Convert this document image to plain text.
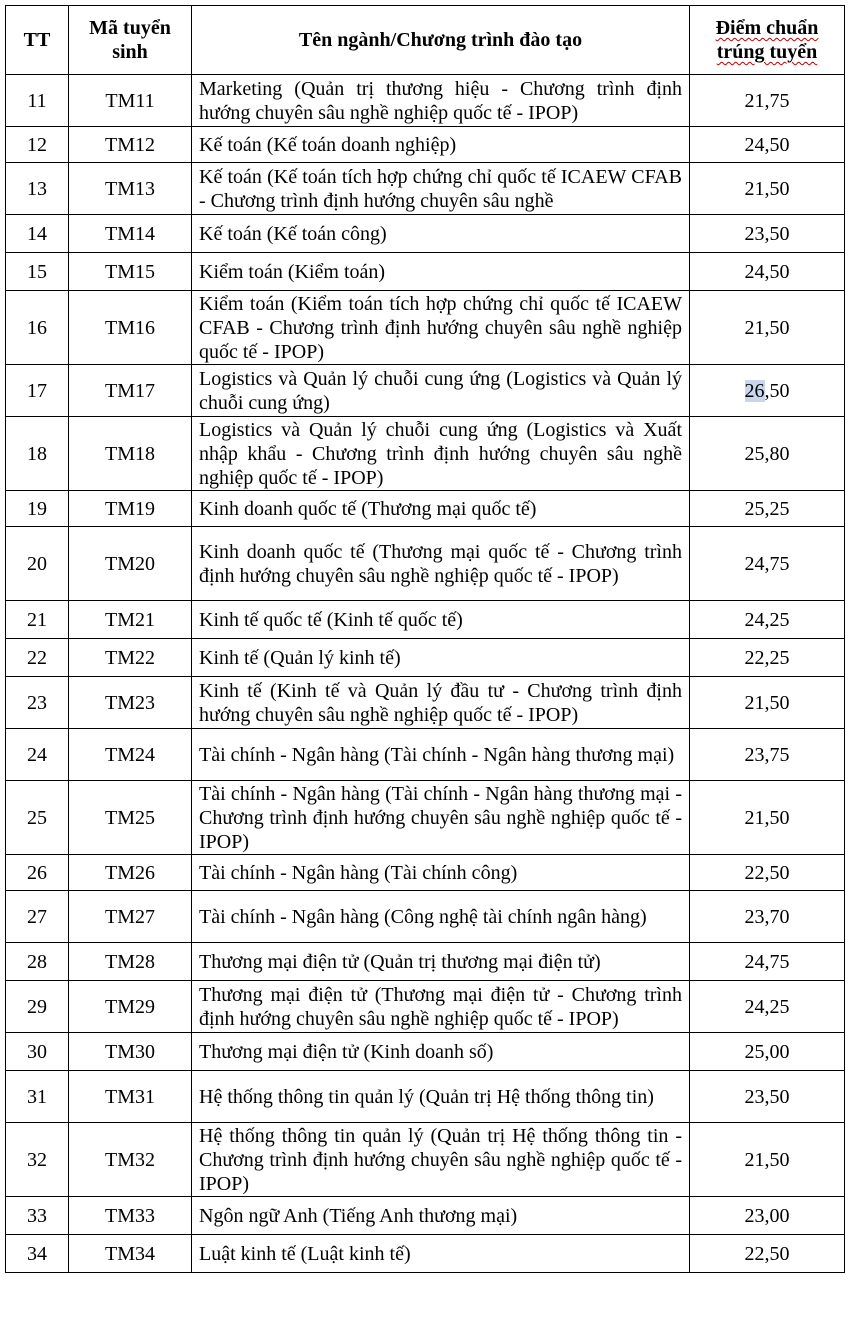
TT	Mã tuyển sinh	Tên ngành/Chương trình đào tạo	Điểm chuẩn
trúng tuyển
11	TM11	Marketing (Quản trị thương hiệu - Chương trình định hướng chuyên sâu nghề nghiệp quốc tế - IPOP)	21,75
12	TM12	Kế toán (Kế toán doanh nghiệp)	24,50
13	TM13	Kế toán (Kế toán tích hợp chứng chỉ quốc tế ICAEW CFAB - Chương trình định hướng chuyên sâu nghề	21,50
14	TM14	Kế toán (Kế toán công)	23,50
15	TM15	Kiểm toán (Kiểm toán)	24,50
16	TM16	Kiểm toán (Kiểm toán tích hợp chứng chỉ quốc tế ICAEW CFAB - Chương trình định hướng chuyên sâu nghề nghiệp quốc tế - IPOP)	21,50
17	TM17	Logistics và Quản lý chuỗi cung ứng (Logistics và Quản lý chuỗi cung ứng)	26,50
18	TM18	Logistics và Quản lý chuỗi cung ứng (Logistics và Xuất nhập khẩu - Chương trình định hướng chuyên sâu nghề nghiệp quốc tế - IPOP)	25,80
19	TM19	Kinh doanh quốc tế (Thương mại quốc tế)	25,25
20	TM20	Kinh doanh quốc tế (Thương mại quốc tế - Chương trình định hướng chuyên sâu nghề nghiệp quốc tế - IPOP)	24,75
21	TM21	Kinh tế quốc tế (Kinh tế quốc tế)	24,25
22	TM22	Kinh tế (Quản lý kinh tế)	22,25
23	TM23	Kinh tế (Kinh tế và Quản lý đầu tư - Chương trình định hướng chuyên sâu nghề nghiệp quốc tế - IPOP)	21,50
24	TM24	Tài chính - Ngân hàng (Tài chính - Ngân hàng thương mại)	23,75
25	TM25	Tài chính - Ngân hàng (Tài chính - Ngân hàng thương mại - Chương trình định hướng chuyên sâu nghề nghiệp quốc tế - IPOP)	21,50
26	TM26	Tài chính - Ngân hàng (Tài chính công)	22,50
27	TM27	Tài chính - Ngân hàng (Công nghệ tài chính ngân hàng)	23,70
28	TM28	Thương mại điện tử (Quản trị thương mại điện tử)	24,75
29	TM29	Thương mại điện tử (Thương mại điện tử - Chương trình định hướng chuyên sâu nghề nghiệp quốc tế - IPOP)	24,25
30	TM30	Thương mại điện tử (Kinh doanh số)	25,00
31	TM31	Hệ thống thông tin quản lý (Quản trị Hệ thống thông tin)	23,50
32	TM32	Hệ thống thông tin quản lý (Quản trị Hệ thống thông tin - Chương trình định hướng chuyên sâu nghề nghiệp quốc tế - IPOP)	21,50
33	TM33	Ngôn ngữ Anh (Tiếng Anh thương mại)	23,00
34	TM34	Luật kinh tế (Luật kinh tế)	22,50
